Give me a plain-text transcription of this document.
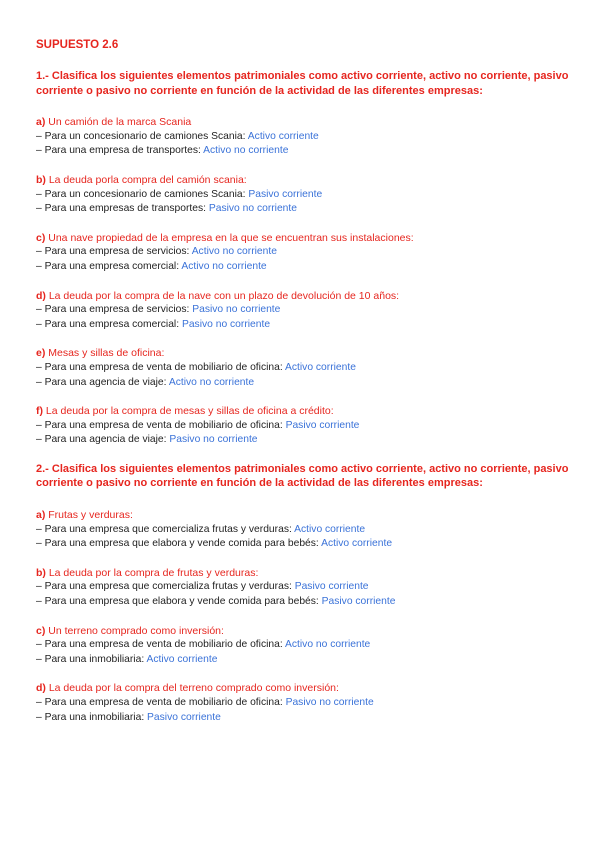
SUPUESTO 2.6
1.- Clasifica los siguientes elementos patrimoniales como activo corriente, activo no corriente, pasivo corriente o pasivo no corriente en función de la actividad de las diferentes empresas:
a) Un camión de la marca Scania
– Para un concesionario de camiones Scania: Activo corriente
– Para una empresa de transportes: Activo no corriente
b) La deuda porla compra del camión scania:
– Para un concesionario de camiones Scania: Pasivo corriente
– Para una empresas de transportes: Pasivo no corriente
c) Una nave propiedad de la empresa en la que se encuentran sus instalaciones:
– Para una empresa de servicios: Activo no corriente
– Para una empresa comercial: Activo no corriente
d) La deuda por la compra de la nave con un plazo de devolución de 10 años:
– Para una empresa de servicios: Pasivo no corriente
– Para una empresa comercial: Pasivo no corriente
e) Mesas y sillas de oficina:
– Para una empresa de venta de mobiliario de oficina: Activo corriente
– Para una agencia de viaje: Activo no corriente
f) La deuda por la compra de mesas y sillas de oficina a crédito:
– Para una empresa de venta de mobiliario de oficina: Pasivo corriente
– Para una agencia de viaje: Pasivo no corriente
2.- Clasifica los siguientes elementos patrimoniales como activo corriente, activo no corriente, pasivo corriente o pasivo no corriente en función de la actividad de las diferentes empresas:
a) Frutas y verduras:
– Para una empresa que comercializa frutas y verduras: Activo corriente
– Para una empresa que elabora y vende comida para bebés: Activo corriente
b) La deuda por la compra de frutas y verduras:
– Para una empresa que comercializa frutas y verduras: Pasivo corriente
– Para una empresa que elabora y vende comida para bebés: Pasivo corriente
c) Un terreno comprado como inversión:
– Para una empresa de venta de mobiliario de oficina: Activo no corriente
– Para una inmobiliaria: Activo corriente
d) La deuda por la compra del terreno comprado como inversión:
– Para una empresa de venta de mobiliario de oficina: Pasivo no corriente
– Para una inmobiliaria: Pasivo corriente
